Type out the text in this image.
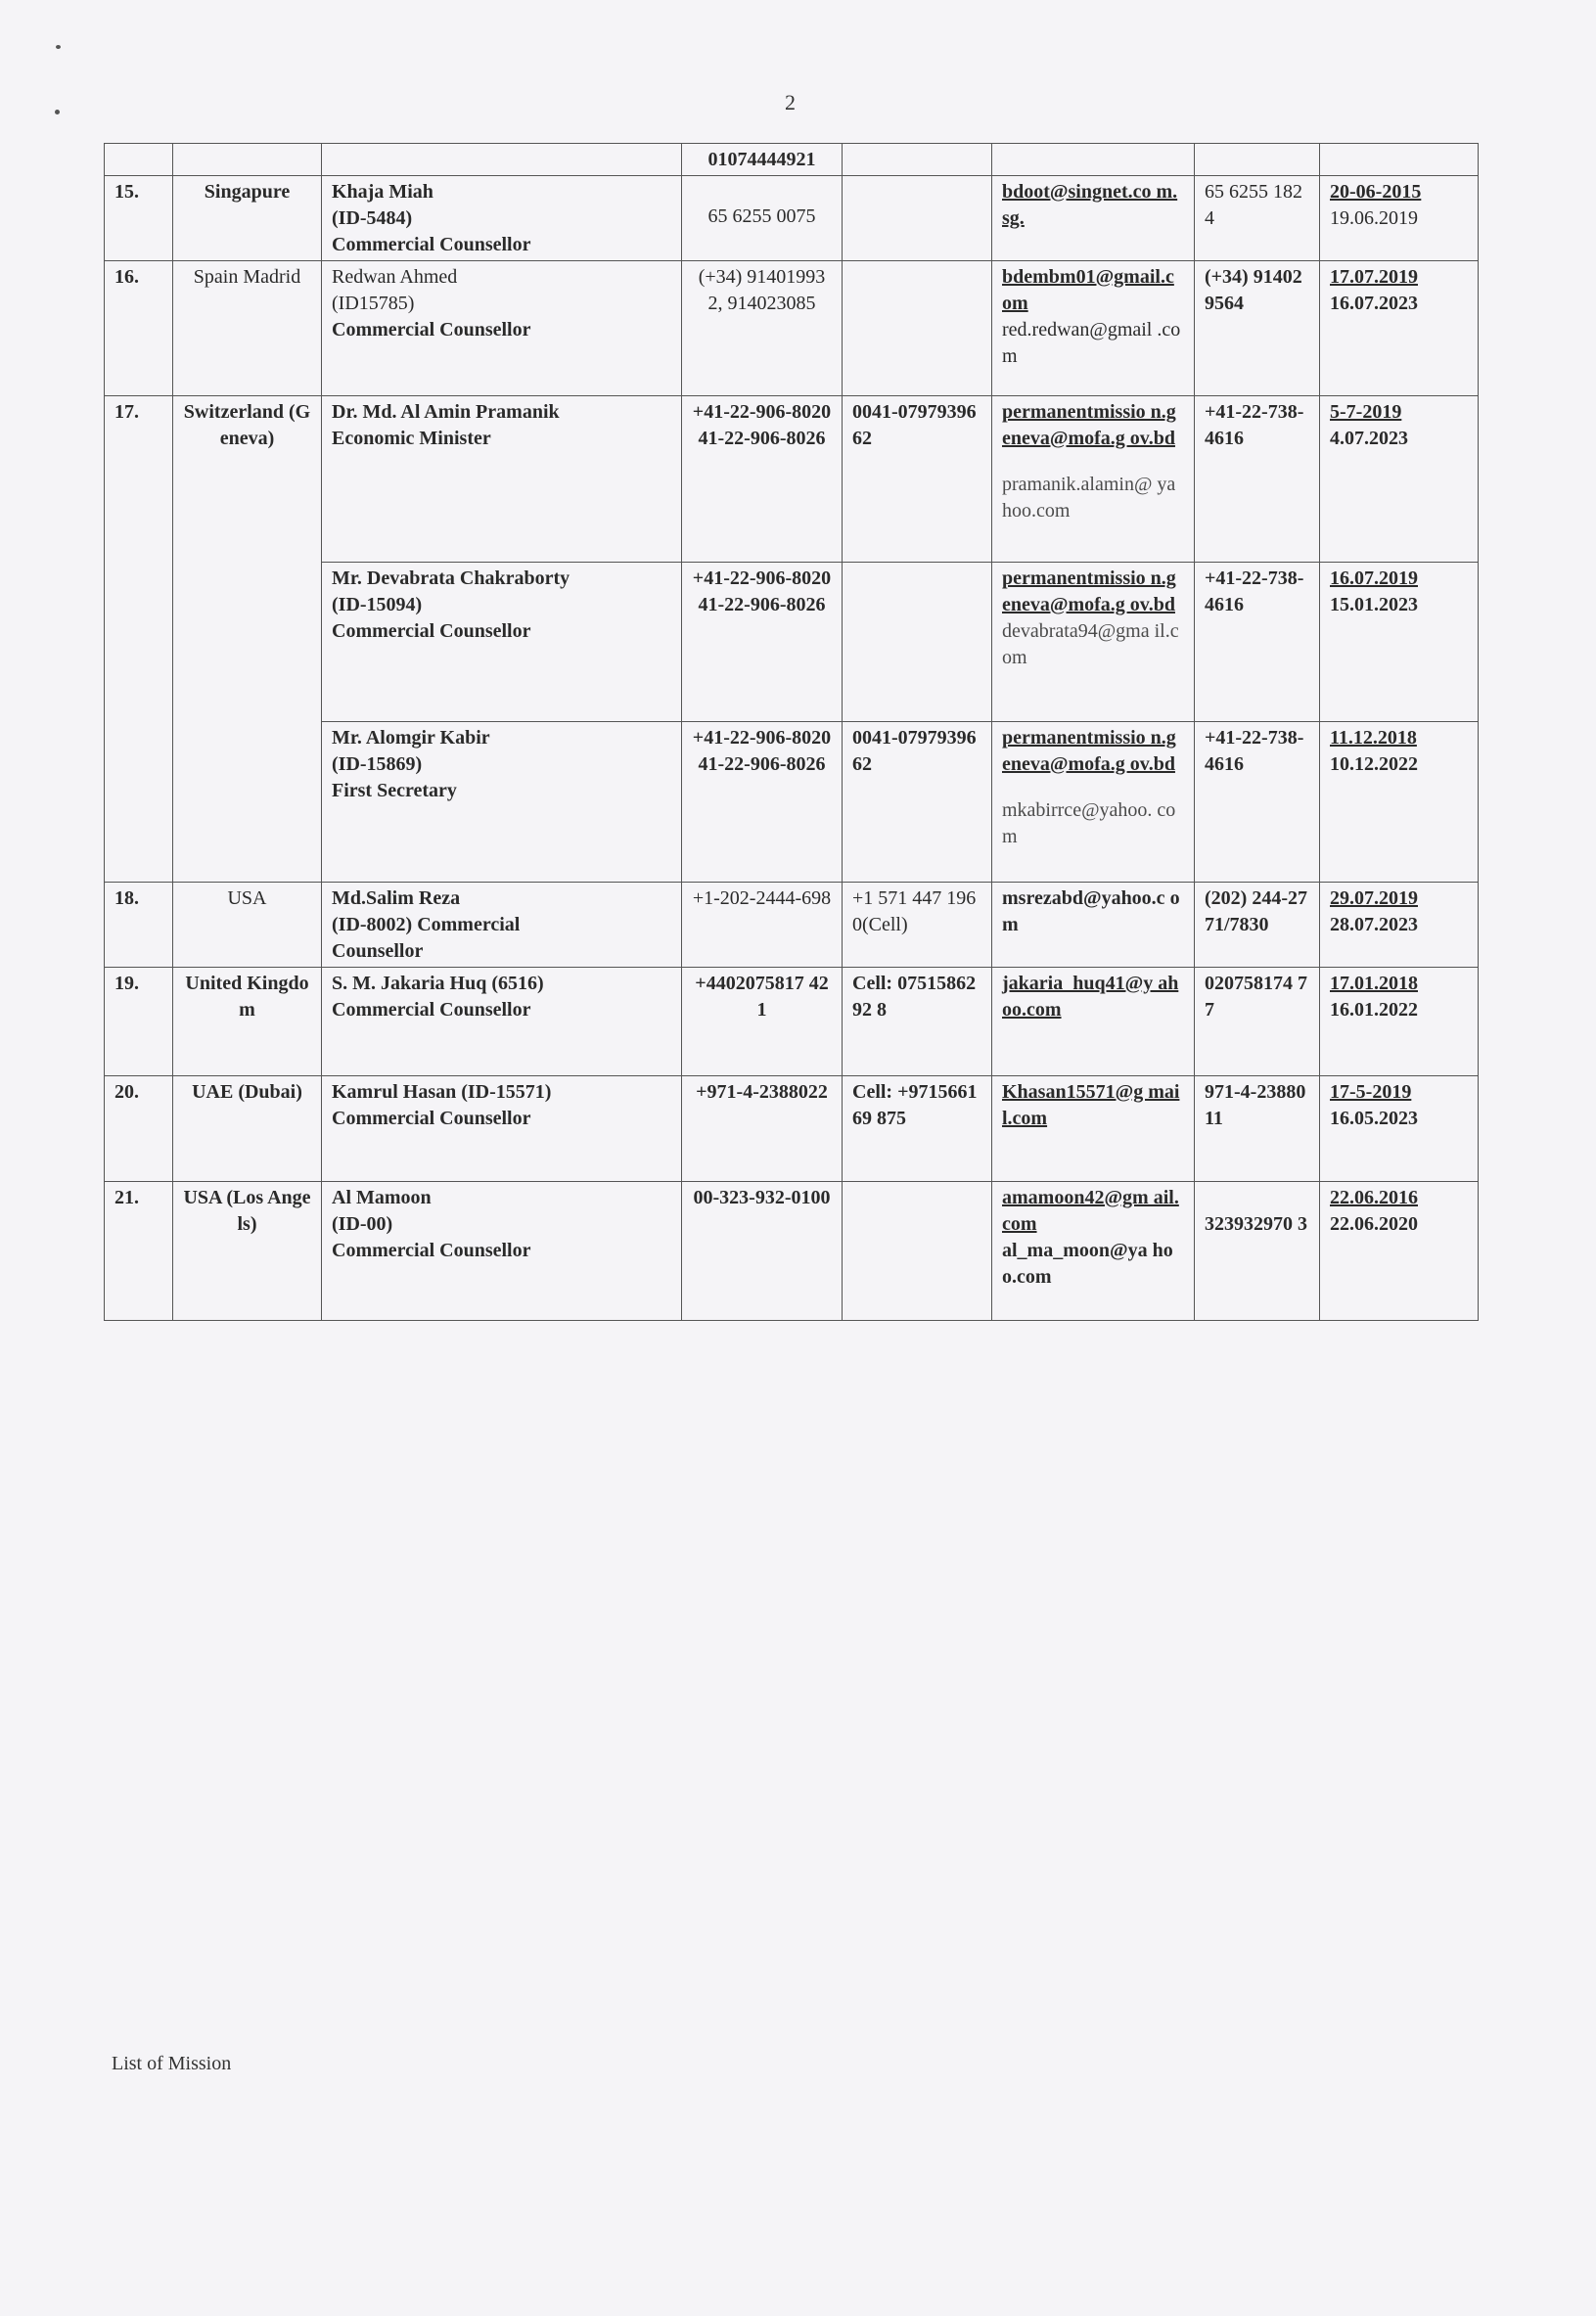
2
			01074444921				
15.	Singapure	Khaja Miah
(ID-5484)
Commercial Counsellor	65 6255 0075		bdoot@singnet.co m.sg.	65 6255 1824	20-06-2015
19.06.2019

16.	Spain Madrid	Redwan Ahmed
(ID15785)
Commercial Counsellor	(+34) 914019932, 914023085		bdembm01@gmail.c om
red.redwan@gmail .com	(+34) 914029564	17.07.2019
16.07.2023

17.	Switzerland (Geneva)	Dr. Md. Al Amin Pramanik
Economic Minister	+41-22-906-8020 41-22-906-8026	0041-0797939662	permanentmissio n.geneva@mofa.g ov.bd
pramanik.alamin@ yahoo.com	+41-22-738-4616	5-7-2019
4.07.2023

		Mr. Devabrata Chakraborty
(ID-15094)
Commercial Counsellor	+41-22-906-8020 41-22-906-8026		permanentmissio n.geneva@mofa.g ov.bd
devabrata94@gma il.com	+41-22-738-4616	16.07.2019
15.01.2023

		Mr. Alomgir Kabir
(ID-15869)
First Secretary	+41-22-906-8020 41-22-906-8026	0041-0797939662	permanentmissio n.geneva@mofa.g ov.bd
mkabirrce@yahoo. com	+41-22-738-4616	11.12.2018
10.12.2022

18.	USA	Md.Salim Reza
(ID-8002) Commercial
Counsellor	+1-202-2444-698	+1 571 447 1960(Cell)	msrezabd@yahoo.c om	(202) 244-2771/7830	29.07.2019
28.07.2023

19.	United Kingdom	S. M. Jakaria Huq (6516)
Commercial Counsellor	+4402075817 421	Cell: 0751586292 8	jakaria_huq41@y ahoo.com	020758174 77	17.01.2018
16.01.2022

20.	UAE (Dubai)	Kamrul Hasan (ID-15571)
Commercial Counsellor	+971-4-2388022	Cell: +971566169 875	Khasan15571@g mail.com	971-4-2388011	17-5-2019
16.05.2023

21.	USA (Los Angels)	Al Mamoon
(ID-00)
Commercial Counsellor	00-323-932-0100		amamoon42@gm ail.com
al_ma_moon@ya hoo.com	323932970 3	22.06.2016
22.06.2020
List of Mission
